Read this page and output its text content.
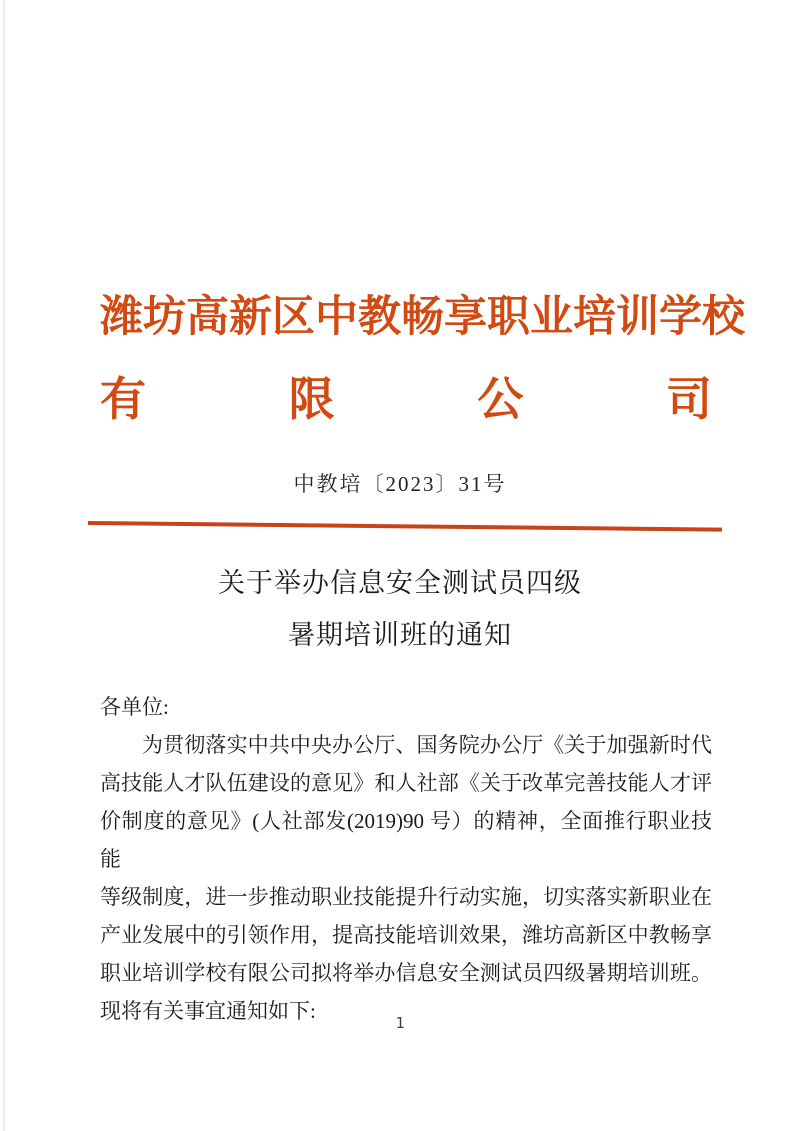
潍 坊 高 新 区 中 教 畅 享 职 业 培 训 学 校
有	限	公	司
中教培〔2023〕31号
关于举办信息安全测试员四级
暑期培训班的通知
各单位:
为贯彻落实中共中央办公厅、国务院办公厅《关于加强新时代
高技能人才队伍建设的意见》和人社部《关于改革完善技能人才评
价制度的意见》(人社部发(2019)90 号）的精神，全面推行职业技能
等级制度，进一步推动职业技能提升行动实施，切实落实新职业在
产业发展中的引领作用，提高技能培训效果，潍坊高新区中教畅享
职业培训学校有限公司拟将举办信息安全测试员四级暑期培训班。
现将有关事宜通知如下:	1
